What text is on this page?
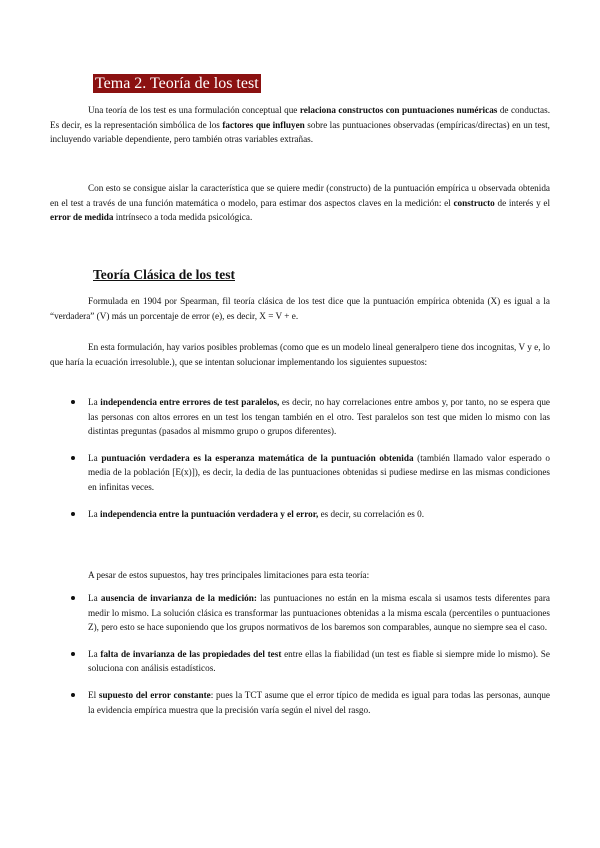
Tema 2. Teoría de los test

Una teoría de los test es una formulación conceptual que relaciona constructos con puntuaciones numéricas de conductas. Es decir, es la representación simbólica de los factores que influyen sobre las puntuaciones observadas (empíricas/directas) en un test, incluyendo variable dependiente, pero también otras variables extrañas.

Con esto se consigue aislar la característica que se quiere medir (constructo) de la puntuación empírica u observada obtenida en el test a través de una función matemática o modelo, para estimar dos aspectos claves en la medición: el constructo de interés y el error de medida intrínseco a toda medida psicológica.

Teoría Clásica de los test

Formulada en 1904 por Spearman, fil teoría clásica de los test dice que la puntuación empírica obtenida (X) es igual a la “verdadera” (V) más un porcentaje de error (e), es decir, X = V + e.

En esta formulación, hay varios posibles problemas (como que es un modelo lineal generalpero tiene dos incognitas, V y e, lo que haría la ecuación irresoluble.), que se intentan solucionar implementando los siguientes supuestos:

La independencia entre errores de test paralelos, es decir, no hay correlaciones entre ambos y, por tanto, no se espera que las personas con altos errores en un test los tengan también en el otro. Test paralelos son test que miden lo mismo con las distintas preguntas (pasados al mismmo grupo o grupos diferentes).

La puntuación verdadera es la esperanza matemática de la puntuación obtenida (también llamado valor esperado o media de la población [E(x)]), es decir, la dedia de las puntuaciones obtenidas si pudiese medirse en las mismas condiciones en infinitas veces.

La independencia entre la puntuación verdadera y el error, es decir, su correlación es 0.

A pesar de estos supuestos, hay tres principales limitaciones para esta teoría:

La ausencia de invarianza de la medición: las puntuaciones no están en la misma escala si usamos tests diferentes para medir lo mismo. La solución clásica es transformar las puntuaciones obtenidas a la misma escala (percentiles o puntuaciones Z), pero esto se hace suponiendo que los grupos normativos de los baremos son comparables, aunque no siempre sea el caso.

La falta de invarianza de las propiedades del test entre ellas la fiabilidad (un test es fiable si siempre mide lo mismo). Se soluciona con análisis estadísticos.

El supuesto del error constante: pues la TCT asume que el error típico de medida es igual para todas las personas, aunque la evidencia empírica muestra que la precisión varía según el nivel del rasgo.
